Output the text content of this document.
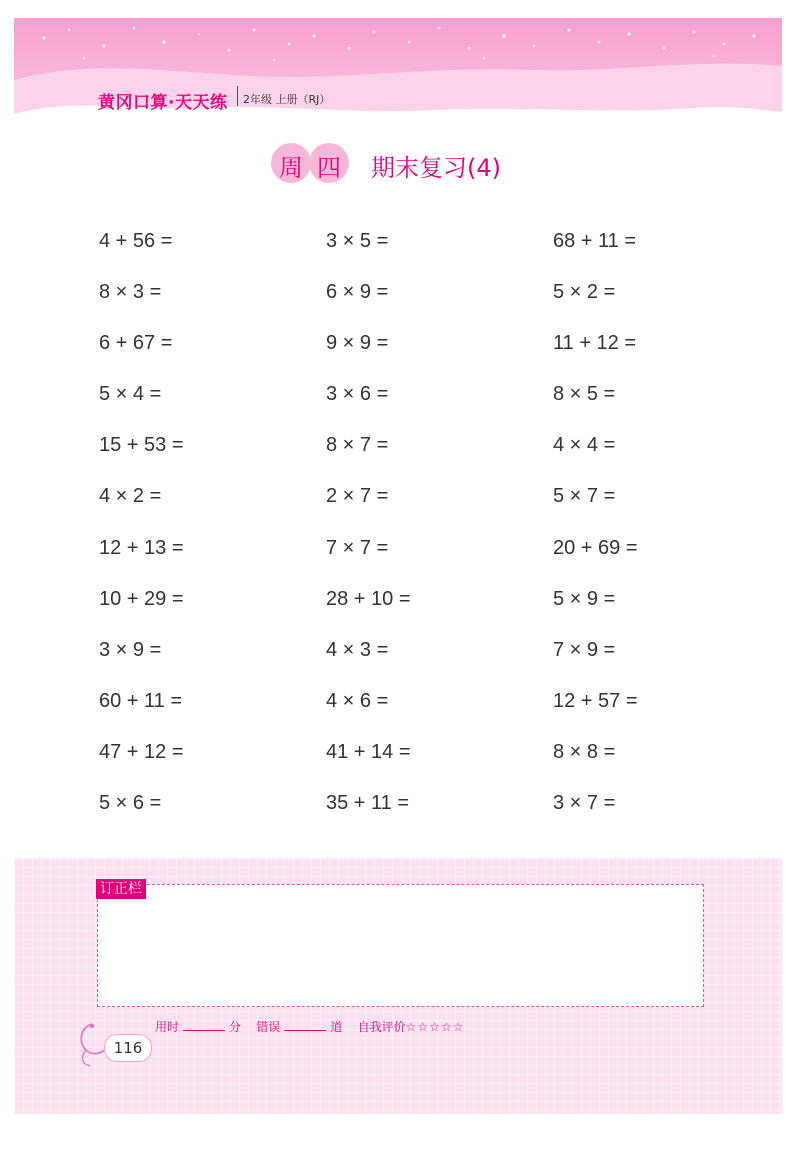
黄冈口算·天天练 2年级 上册（RJ）
周 四 期末复习(4)
4 + 56 =
8 × 3 =
6 + 67 =
5 × 4 =
15 + 53 =
4 × 2 =
12 + 13 =
10 + 29 =
3 × 9 =
60 + 11 =
47 + 12 =
5 × 6 =
3 × 5 =
6 × 9 =
9 × 9 =
3 × 6 =
8 × 7 =
2 × 7 =
7 × 7 =
28 + 10 =
4 × 3 =
4 × 6 =
41 + 14 =
35 + 11 =
68 + 11 =
5 × 2 =
11 + 12 =
8 × 5 =
4 × 4 =
5 × 7 =
20 + 69 =
5 × 9 =
7 × 9 =
12 + 57 =
8 × 8 =
3 × 7 =
订正栏
用时	分 错误	道 自我评价☆☆☆☆☆
116
